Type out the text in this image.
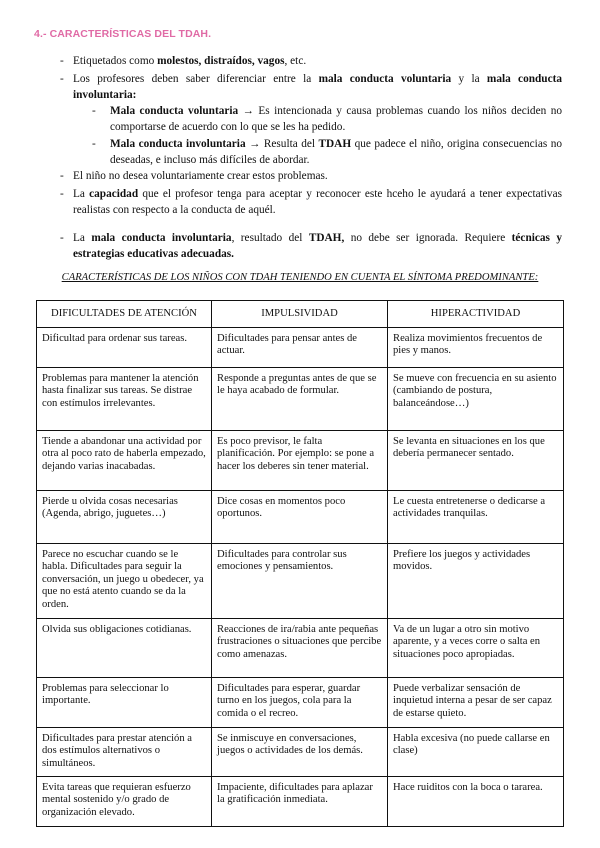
4.- CARACTERÍSTICAS DEL TDAH.
- Etiquetados como molestos, distraídos, vagos, etc.
- Los profesores deben saber diferenciar entre la mala conducta voluntaria y la mala conducta involuntaria:
- Mala conducta voluntaria → Es intencionada y causa problemas cuando los niños deciden no comportarse de acuerdo con lo que se les ha pedido.
- Mala conducta involuntaria → Resulta del TDAH que padece el niño, origina consecuencias no deseadas, e incluso más difíciles de abordar.
- El niño no desea voluntariamente crear estos problemas.
- La capacidad que el profesor tenga para aceptar y reconocer este hceho le ayudará a tener expectativas realistas con respecto a la conducta de aquél.
- La mala conducta involuntaria, resultado del TDAH, no debe ser ignorada. Requiere técnicas y estrategias educativas adecuadas.
CARACTERÍSTICAS DE LOS NIÑOS CON TDAH TENIENDO EN CUENTA EL SÍNTOMA PREDOMINANTE:
DIFICULTADES DE ATENCIÓN	IMPULSIVIDAD	HIPERACTIVIDAD
Dificultad para ordenar sus tareas.	Dificultades para pensar antes de actuar.	Realiza movimientos frecuentos de pies y manos.
Problemas para mantener la atención hasta finalizar sus tareas. Se distrae con estímulos irrelevantes.	Responde a preguntas antes de que se le haya acabado de formular.	Se mueve con frecuencia en su asiento (cambiando de postura, balanceándose…)
Tiende a abandonar una actividad por otra al poco rato de haberla empezado, dejando varias inacabadas.	Es poco previsor, le falta planificación. Por ejemplo: se pone a hacer los deberes sin tener material.	Se levanta en situaciones en los que debería permanecer sentado.
Pierde u olvida cosas necesarias (Agenda, abrigo, juguetes…)	Dice cosas en momentos poco oportunos.	Le cuesta entretenerse o dedicarse a actividades tranquilas.
Parece no escuchar cuando se le habla. Dificultades para seguir la conversación, un juego u obedecer, ya que no está atento cuando se da la orden.	Dificultades para controlar sus emociones y pensamientos.	Prefiere los juegos y actividades movidos.
Olvida sus obligaciones cotidianas.	Reacciones de ira/rabia ante pequeñas frustraciones o situaciones que percibe como amenazas.	Va de un lugar a otro sin motivo aparente, y a veces corre o salta en situaciones poco apropiadas.
Problemas para seleccionar lo importante.	Dificultades para esperar, guardar turno en los juegos, cola para la comida o el recreo.	Puede verbalizar sensación de inquietud interna a pesar de ser capaz de estarse quieto.
Dificultades para prestar atención a dos estímulos alternativos o simultáneos.	Se inmiscuye en conversaciones, juegos o actividades de los demás.	Habla excesiva (no puede callarse en clase)
Evita tareas que requieran esfuerzo mental sostenido y/o grado de organización elevado.	Impaciente, dificultades para aplazar la gratificación inmediata.	Hace ruiditos con la boca o tararea.
